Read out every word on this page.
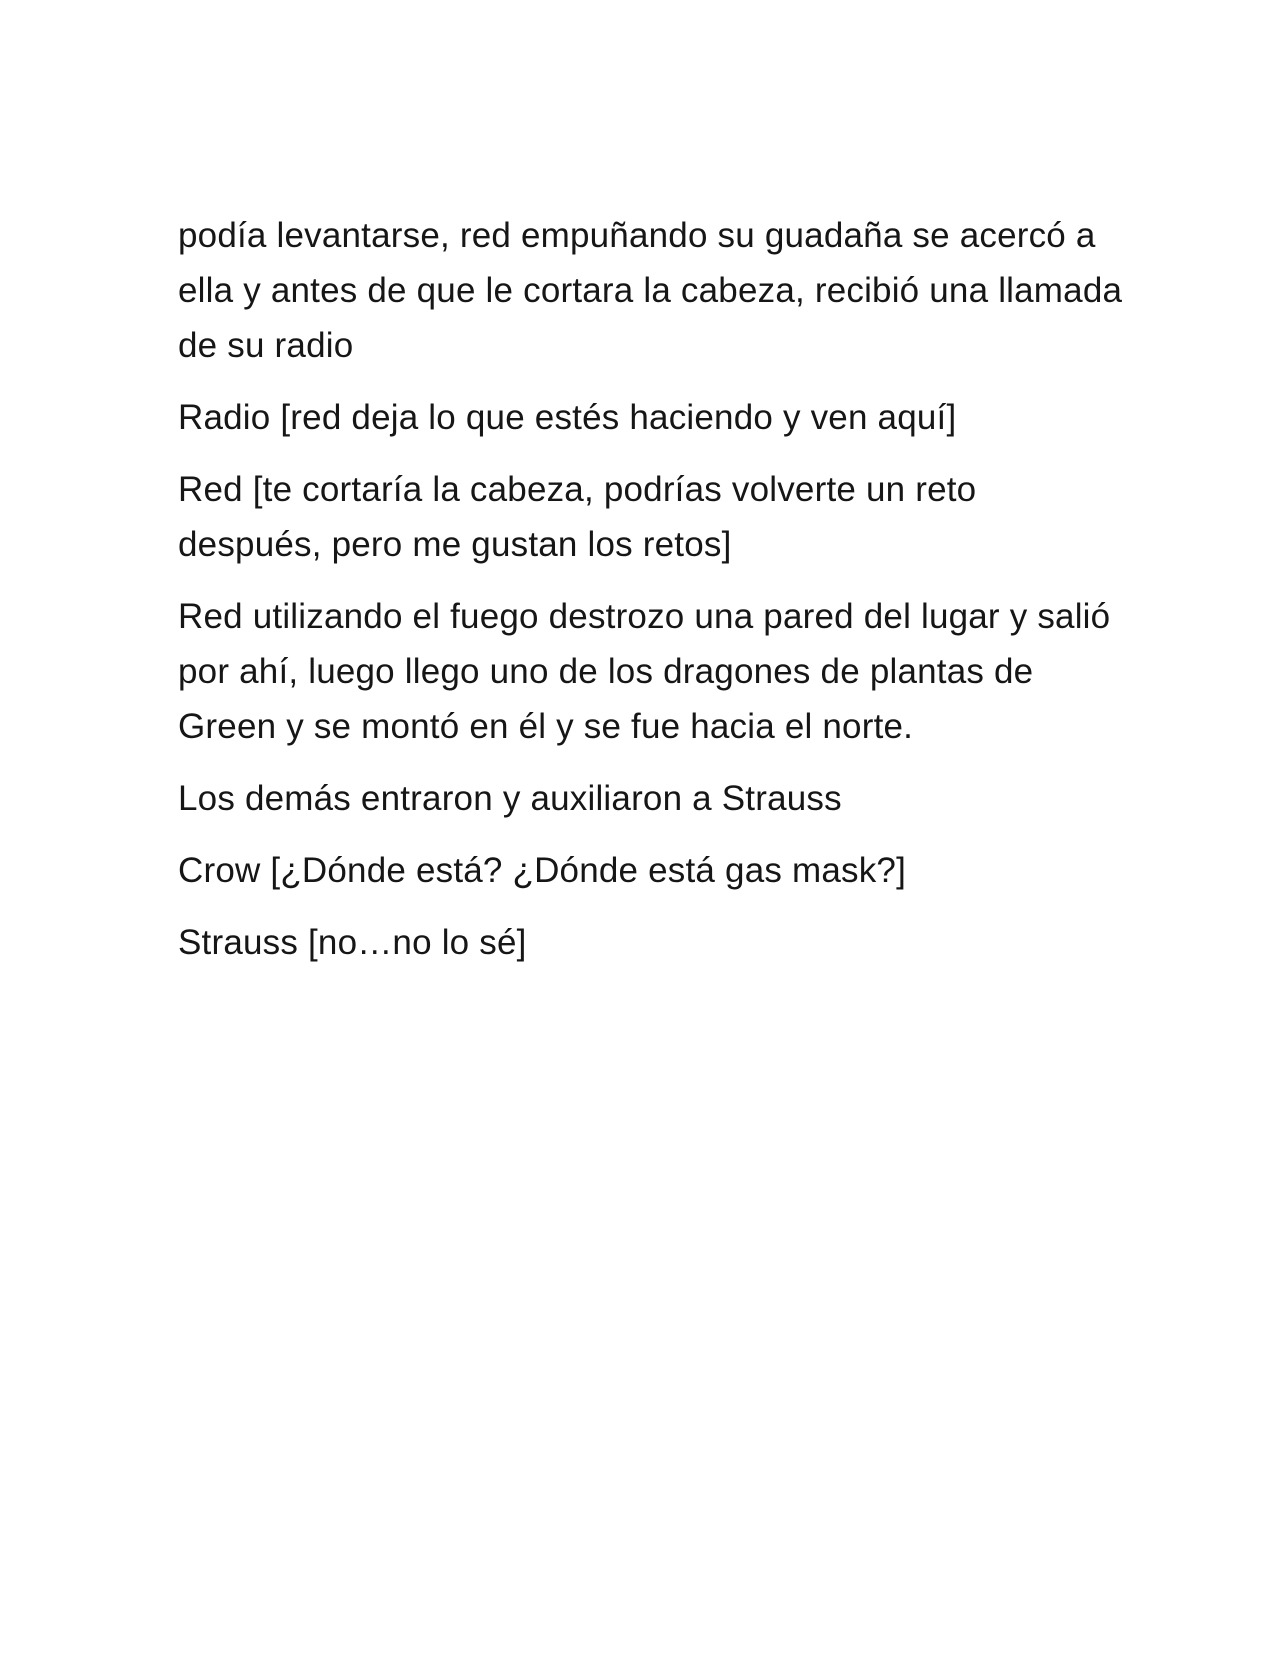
podía levantarse, red empuñando su guadaña se acercó a ella y antes de que le cortara la cabeza, recibió una llamada de su radio

Radio [red deja lo que estés haciendo y ven aquí]

Red [te cortaría la cabeza, podrías volverte un reto después, pero me gustan los retos]

Red utilizando el fuego destrozo una pared del lugar y salió por ahí, luego llego uno de los dragones de plantas de Green y se montó en él y se fue hacia el norte.

Los demás entraron y auxiliaron a Strauss

Crow [¿Dónde está? ¿Dónde está gas mask?]

Strauss [no…no lo sé]
